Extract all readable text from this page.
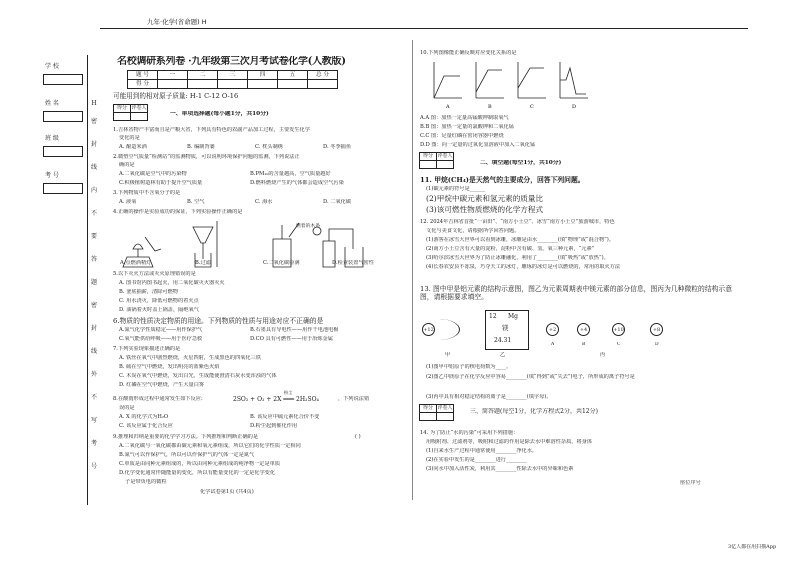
九年·化学(省命题) H
学 校
姓 名
班 级
考 号
H
密
封
线
内
不
要
答
题
密
封
线
外
不
写
考
号
名校调研系列卷 ·九年级第三次月考试卷化学(人教版)
题 号	一	二	三	四	五	总 分
得 分						
可能用到的相对原子质量: H-1 C-12 O-16
得分	评卷人

一、单项选择题(每小题1分，共10分)
1.吉林省物产丰富而且是产粮大省，下列具有特色的农副产品加工过程，主要发生化学
变化的是
A. 酿造米酒	B. 编制背篓	C. 枕头制绣	D. 冬季捕鱼
2.微塑空气质量“检测站”的监测物质，可以说明环境保护问题的监测，下列说法正
确的是
A.二氧化碳是空气中的污染物	B.PM₁₀的含量越高，空气质量越好
C.积极植树造林有助于提升空气质量	D.燃料燃烧产生的气体都会造成空气污染
3.下列物质中不含氧分子的是
A. 液氧	B. 空气	C. 海水	D. 二氧化碳
4.正确的操作是实验成功的保证，下列实验操作正确的是
燃着的木条
A.点燃酒精灯	B.过滤	C.二氧化碳验满	D.检查装置气密性
5.以下灭火方法或灭火原理错误的是
A. 图书馆内图书起火，用二氧化碳灭火器灭火
B. 釜底抽薪，清除可燃物
C. 用水浇灭，降低可燃物的着火点
D. 油锅着火时盖上锅盖，隔绝氧气
6.物质的性质决定物质的用途。下列物质的性质与用途对应不正确的是
A.氮气化学性质稳定——用作保护气	B.石墨具有导电性——用作干电池电极
C.氧气能供给呼吸——用于医疗急救	D.CO 具有可燃性——用于冶炼金属
7.下列实验现象描述正确的是
A. 铁丝在氧气中剧烈燃烧，火星四射，生成黑色的四氧化三铁
B. 硫在空气中燃烧，发出明亮的蓝紫色火焰
C. 木炭在氧气中燃烧，发出白光，生成能使澄清石灰水变浑浊的气体
D. 红磷在空气中燃烧，产生大量白雾
8.在酸雨形成过程中通常发生如下反应:	2SO₂ + O₂ + 2X ═══ 2H₂SO₄
粉尘
，下列说法错
误的是
A. X 的化学式为H₂O	B. 该反应中硫元素化合价不变
C. 该反应属于化合反应	D.粉尘起到催化作用
9.推理和归纳是重要的化学学习方法。下列推理和判断正确的是	( )
A.二氧化碳与一氧化碳都由碳元素和氧元素组成，所以它们的化学性质一定相同
B.氮气可以作保护气，所以可以作保护气的气体一定是氮气
C.单质是由同种元素组成的，所以由同种元素组成的纯净物一定是单质
D.化学变化通常伴随能量的变化，所以有能量变化的一定是化学变化
子是带负电的微粒
化学试卷第1页 (共4页)
10.下列图像能正确反映对应变化关系的是
A	B	C	D
A.A 图：加热一定量高锰酸钾制取氧气
B.B 图：加热一定量的氯酸钾和二氧化锰
C.C 图：足量红磷在密闭容器中燃烧
D.D 图：向一定量的过氧化氢溶液中加入二氧化锰
得分	评卷人

二、填空题(每空1分，共10分)
11. 甲烷(CH₄)是天然气的主要成分，回答下列问题。
(1)碳元素的符号是______
(2)甲烷中碳元素和氢元素的质量比
(3)该可燃性物质燃烧的化学方程式
12. 2024年吉林省首批“一亩田”、“南方小土豆”、冰雪“南方小土豆”旅游城市，特色
文化与美食文化，请根据所学回答问题。
(1)游客在冰雪大世界可以看到冰雕，冰雕是由水________(填“物理”或“混合物”)。
(2)南方小土豆含有大量的淀粉，淀粉中含有碳、氢、氧三种元素，“元素”
(3)哈尔滨冰雪大世界为了防止冰雕融化，利用了________(填“吸热”或“放热”)。
(4)长春农安县不冻泉，巧夺天工的冰灯，雕琢的冰灯是可以燃烧的，常用的取火方法
13. 图中甲是铝元素的结构示意图，图乙为元素周期表中镁元素的部分信息，图丙为几种微粒的结构示意图，请根据要求填空。
+12
甲
12 Mg
镁
24.31
乙
+2
A
+4
B
+10
C
+8
D
丙
(1)图甲中铝原子的核电荷数为____。
(2)图乙中镁原子在化学反应中容易________(填“得到”或“失去”)电子，所形成的离子符号是
(3)丙中具有相对稳定结构的离子是________(填字母)。
得分	评卷人
		三、简答题(每空1分，化学方程式2分，共12分)
14. 为了防止“水的污染”可采用下列措施：
用吸附剂、过滤剂等，吸附和过滤的作用是除去水中难溶性杂质，将身体
(1)自来水生产过程中通常使用________净化水。
(2)在实验中发生的是________进行________
(3)向水中加入活性炭，利用其________性除去水中的异味和色素
座位序号
3亿人都在用扫描App
